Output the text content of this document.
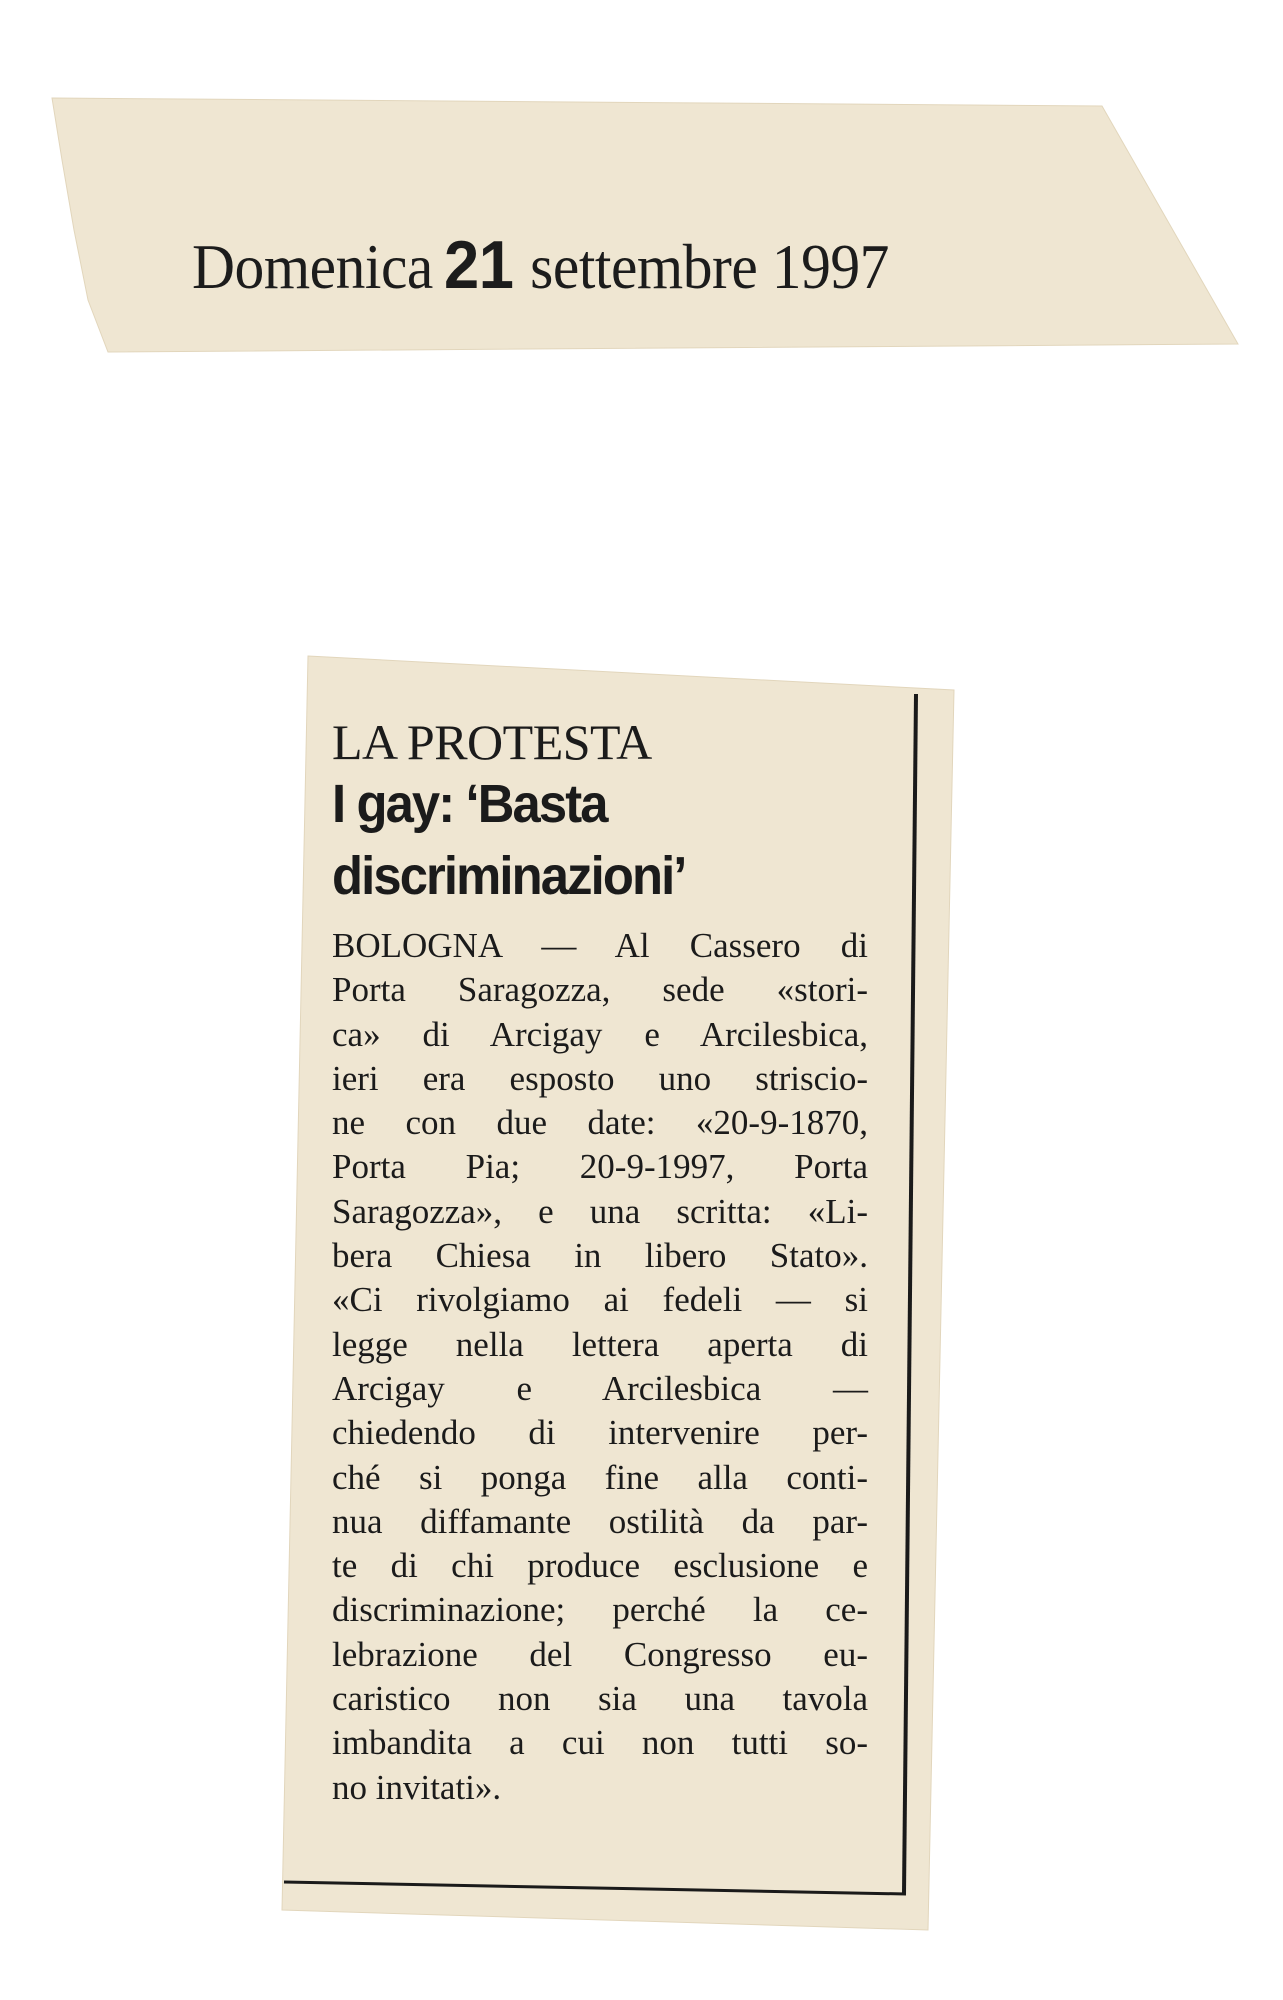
Domenica 21 settembre 1997

LA PROTESTA

I gay: ‘Basta
discriminazioni’
BOLOGNA — Al Cassero di
Porta Saragozza, sede «stori-
ca» di Arcigay e Arcilesbica,
ieri era esposto uno striscio-
ne con due date: «20-9-1870,
Porta Pia; 20-9-1997, Porta
Saragozza», e una scritta: «Li-
bera Chiesa in libero Stato».
«Ci rivolgiamo ai fedeli — si
legge nella lettera aperta di
Arcigay e Arcilesbica —
chiedendo di intervenire per-
ché si ponga fine alla conti-
nua diffamante ostilità da par-
te di chi produce esclusione e
discriminazione; perché la ce-
lebrazione del Congresso eu-
caristico non sia una tavola
imbandita a cui non tutti so-
no invitati».
